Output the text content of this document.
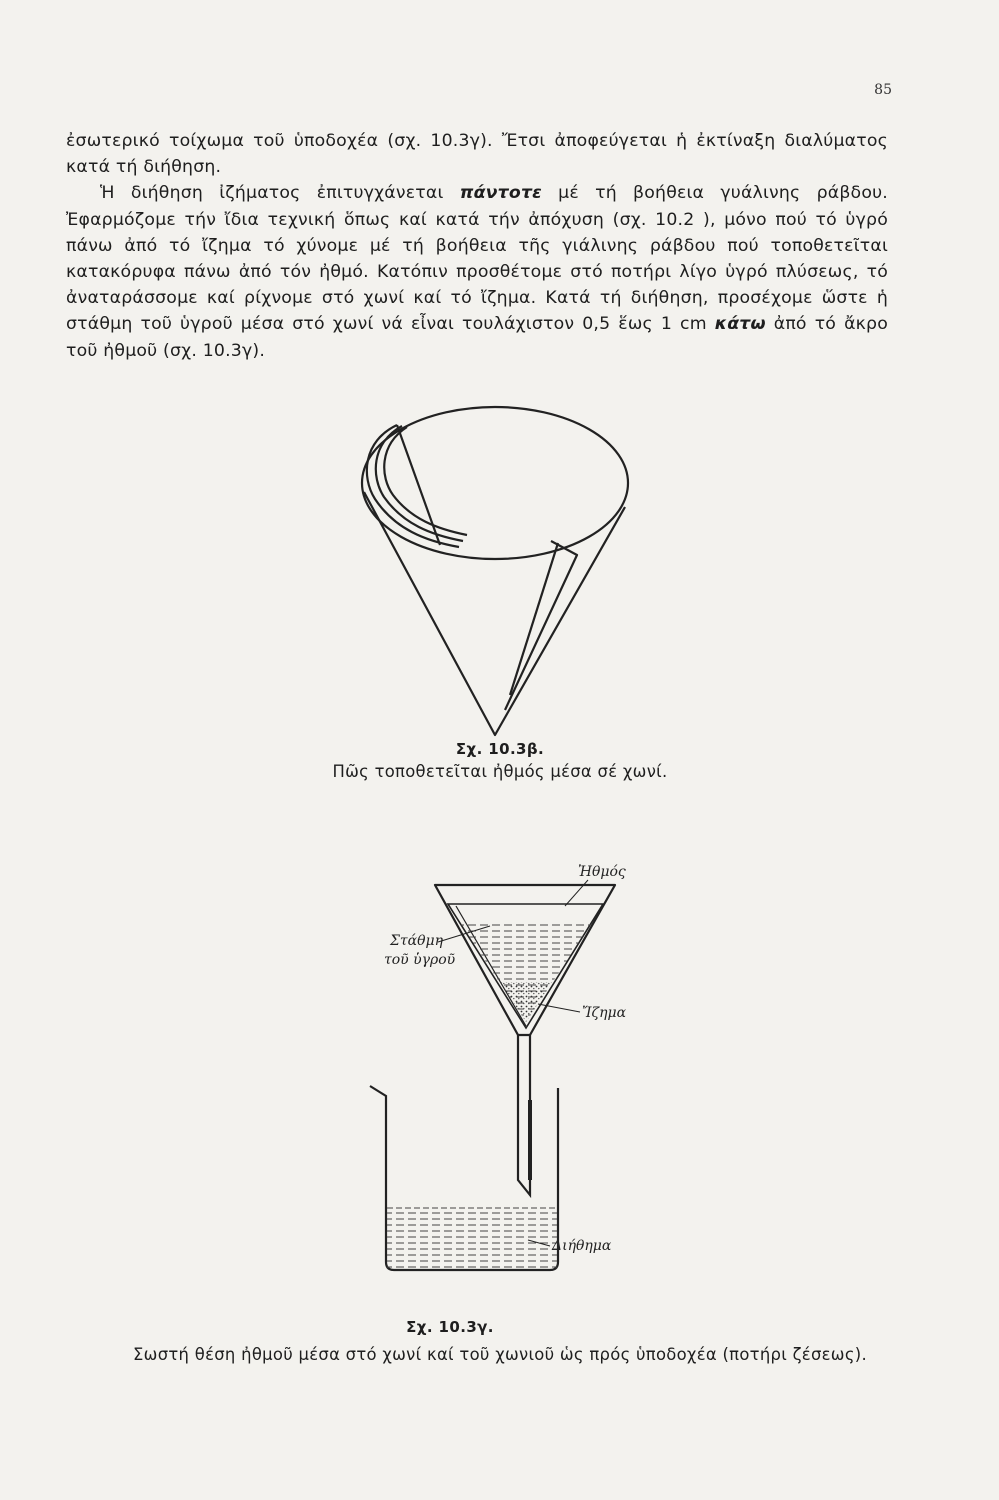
85

ἐσωτερικό τοίχωμα τοῦ ὑποδοχέα (σχ. 10.3γ). Ἔτσι ἀποφεύγεται ἡ ἐκτίναξη διαλύματος κατά τή διήθηση.

Ἡ διήθηση ἰζήματος ἐπιτυγχάνεται πάντοτε μέ τή βοήθεια γυάλινης ράβδου. Ἐφαρμόζομε τήν ἴδια τεχνική ὅπως καί κατά τήν ἀπόχυση (σχ. 10.2 ), μόνο πού τό ὑγρό πάνω ἀπό τό ἴζημα τό χύνομε μέ τή βοήθεια τῆς γιάλινης ράβδου πού τοποθετεῖται κατακόρυφα πάνω ἀπό τόν ἠθμό. Κατόπιν προσθέτομε στό ποτήρι λίγο ὑγρό πλύσεως, τό ἀναταράσσομε καί ρίχνομε στό χωνί καί τό ἴζημα. Κατά τή διήθηση, προσέχομε ὥστε ἡ στάθμη τοῦ ὑγροῦ μέσα στό χωνί νά εἶναι τουλάχιστον 0,5 ἕως 1 cm κάτω ἀπό τό ἄκρο τοῦ ἠθμοῦ (σχ. 10.3γ).

Σχ. 10.3β.
Πῶς τοποθετεῖται ἠθμός μέσα σέ χωνί.
Ἠθμός
Στάθμη
τοῦ ὑγροῦ
Ἴζημα
Διήθημα
Σχ. 10.3γ.
Σωστή θέση ἠθμοῦ μέσα στό χωνί καί τοῦ χωνιοῦ ὡς πρός ὑποδοχέα (ποτήρι ζέσεως).
